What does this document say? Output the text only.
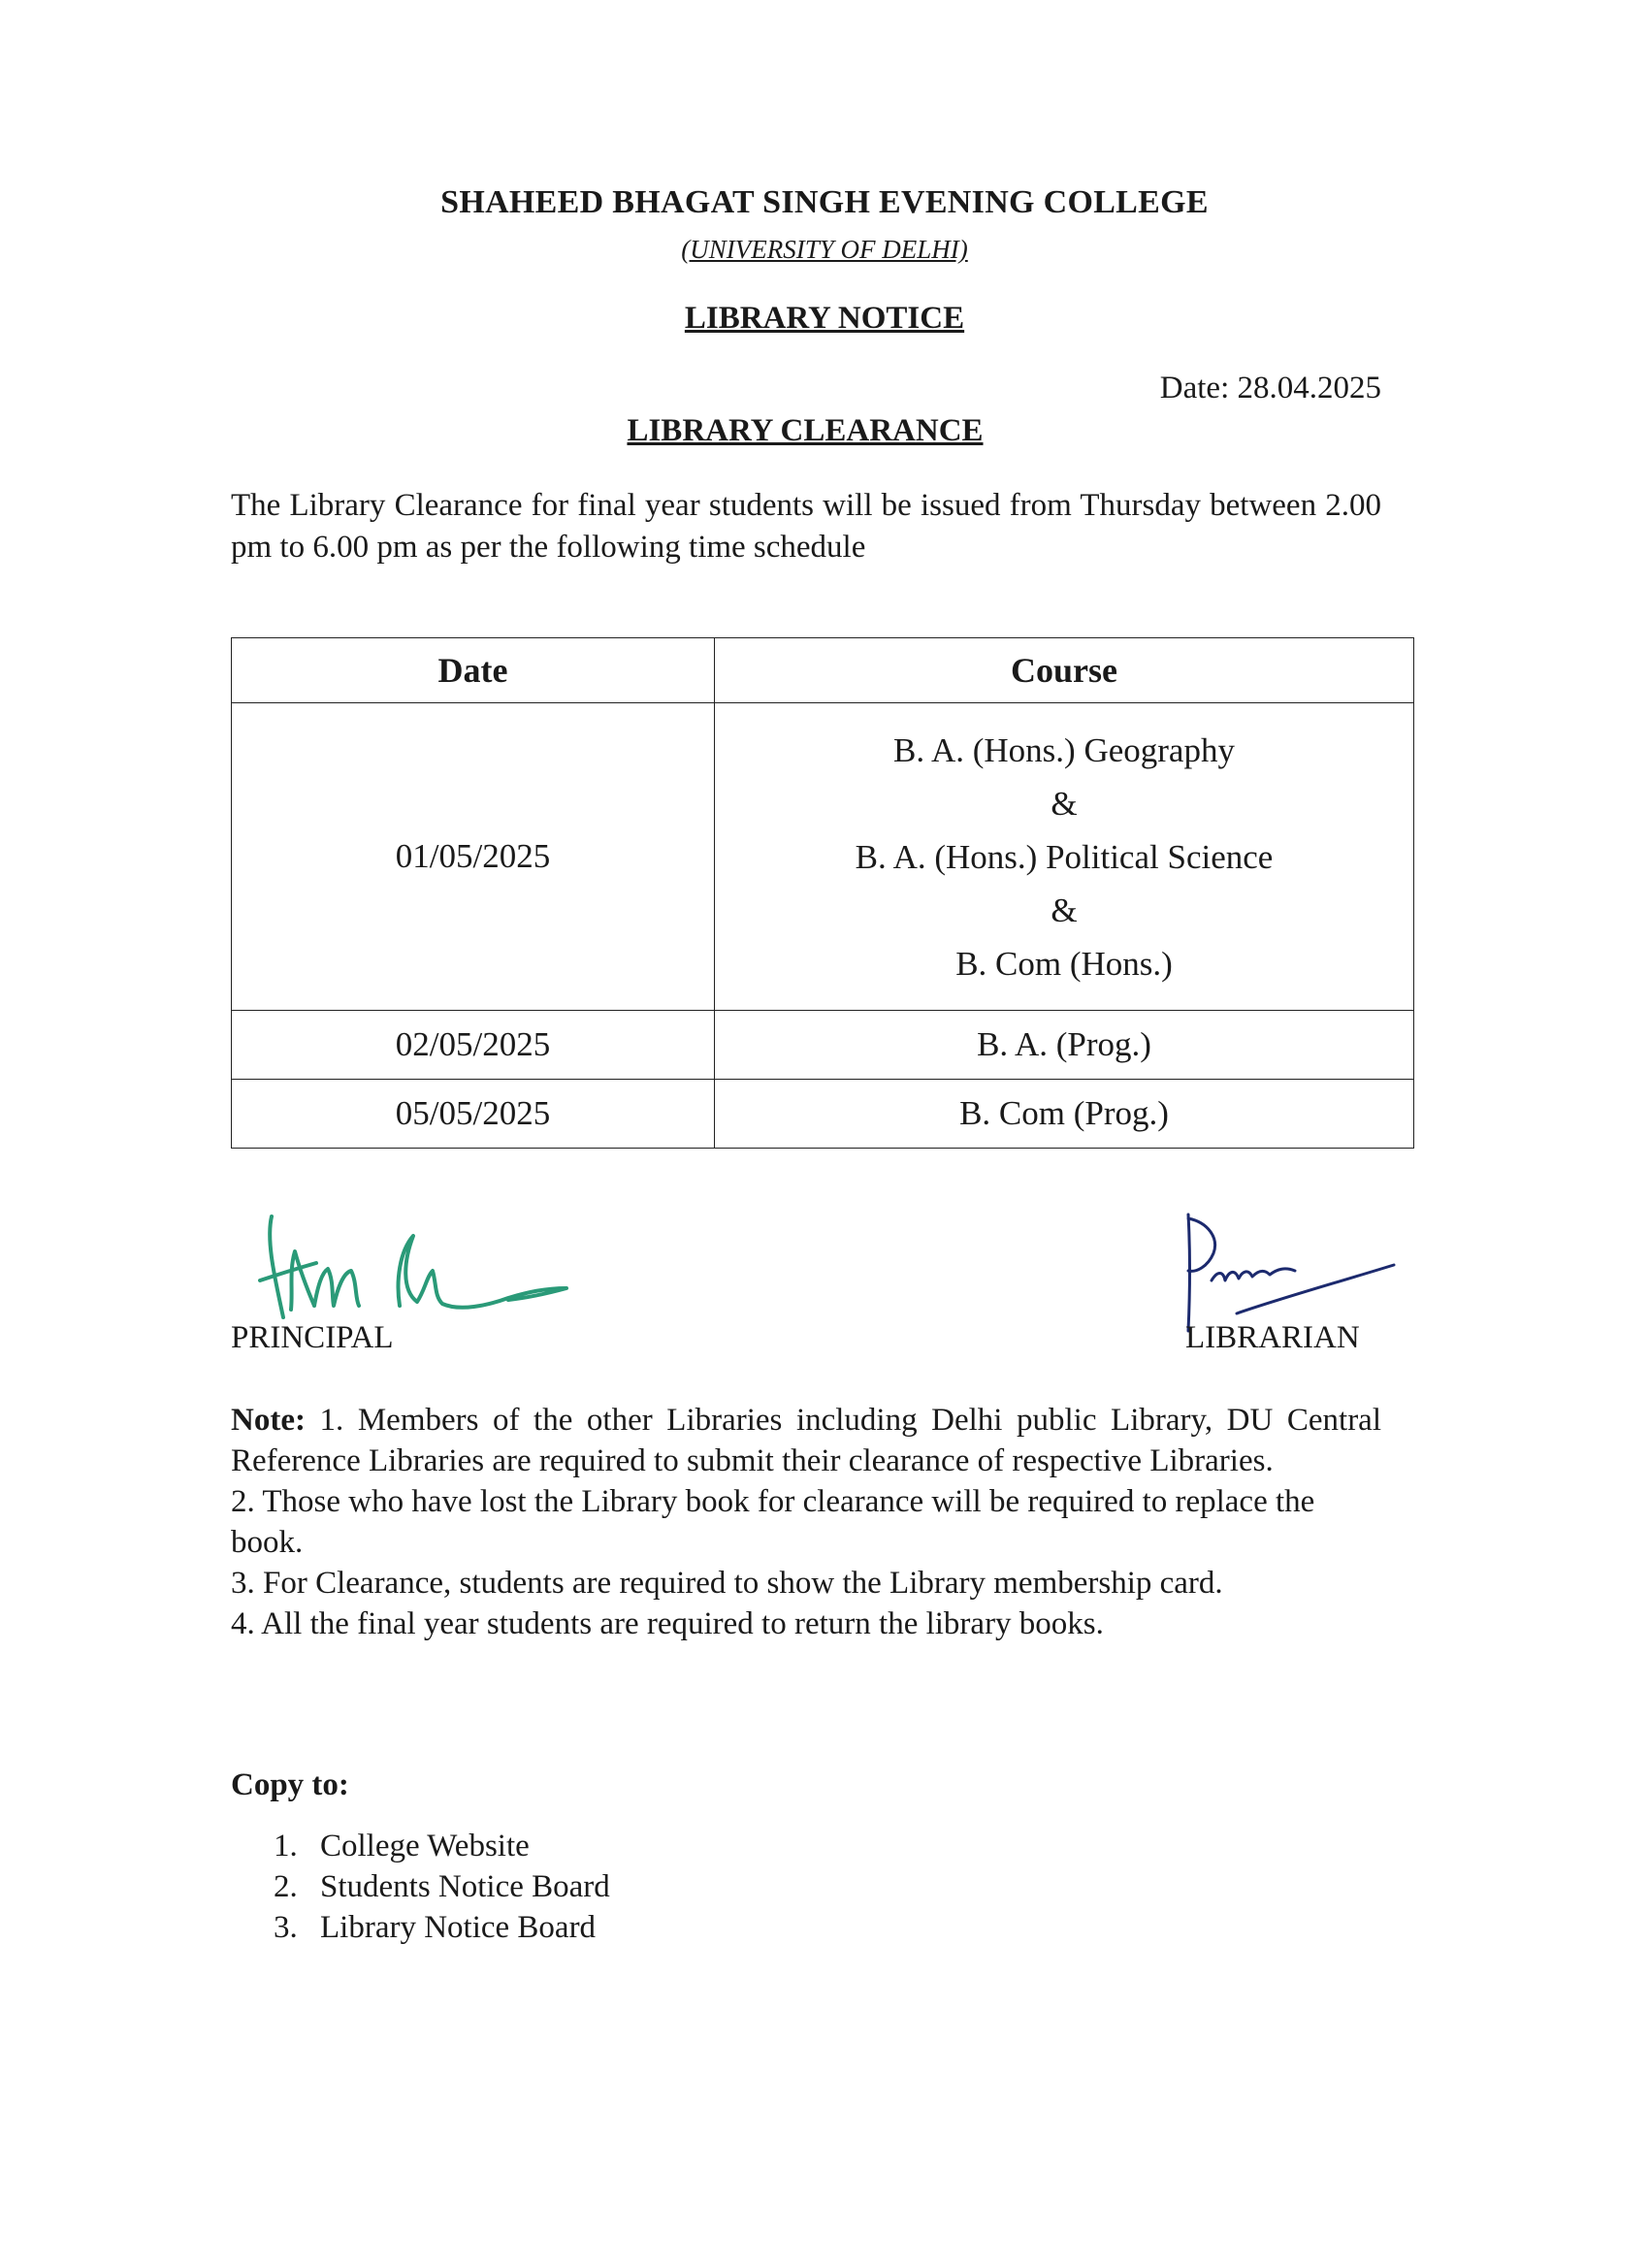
SHAHEED BHAGAT SINGH EVENING COLLEGE
(UNIVERSITY OF DELHI)
LIBRARY NOTICE
Date: 28.04.2025
LIBRARY CLEARANCE
The Library Clearance for final year students will be issued from Thursday between 2.00 pm to 6.00 pm as per the following time schedule
Date	Course
01/05/2025	B. A. (Hons.) Geography
&
B. A. (Hons.) Political Science
&
B. Com (Hons.)

02/05/2025	B. A. (Prog.)
05/05/2025	B. Com (Prog.)
PRINCIPAL	LIBRARIAN

Note: 1. Members of the other Libraries including Delhi public Library, DU Central Reference Libraries are required to submit their clearance of respective Libraries.

2. Those who have lost the Library book for clearance will be required to replace the book.

3. For Clearance, students are required to show the Library membership card.

4. All the final year students are required to return the library books.

Copy to:
1. College Website
2. Students Notice Board
3. Library Notice Board
